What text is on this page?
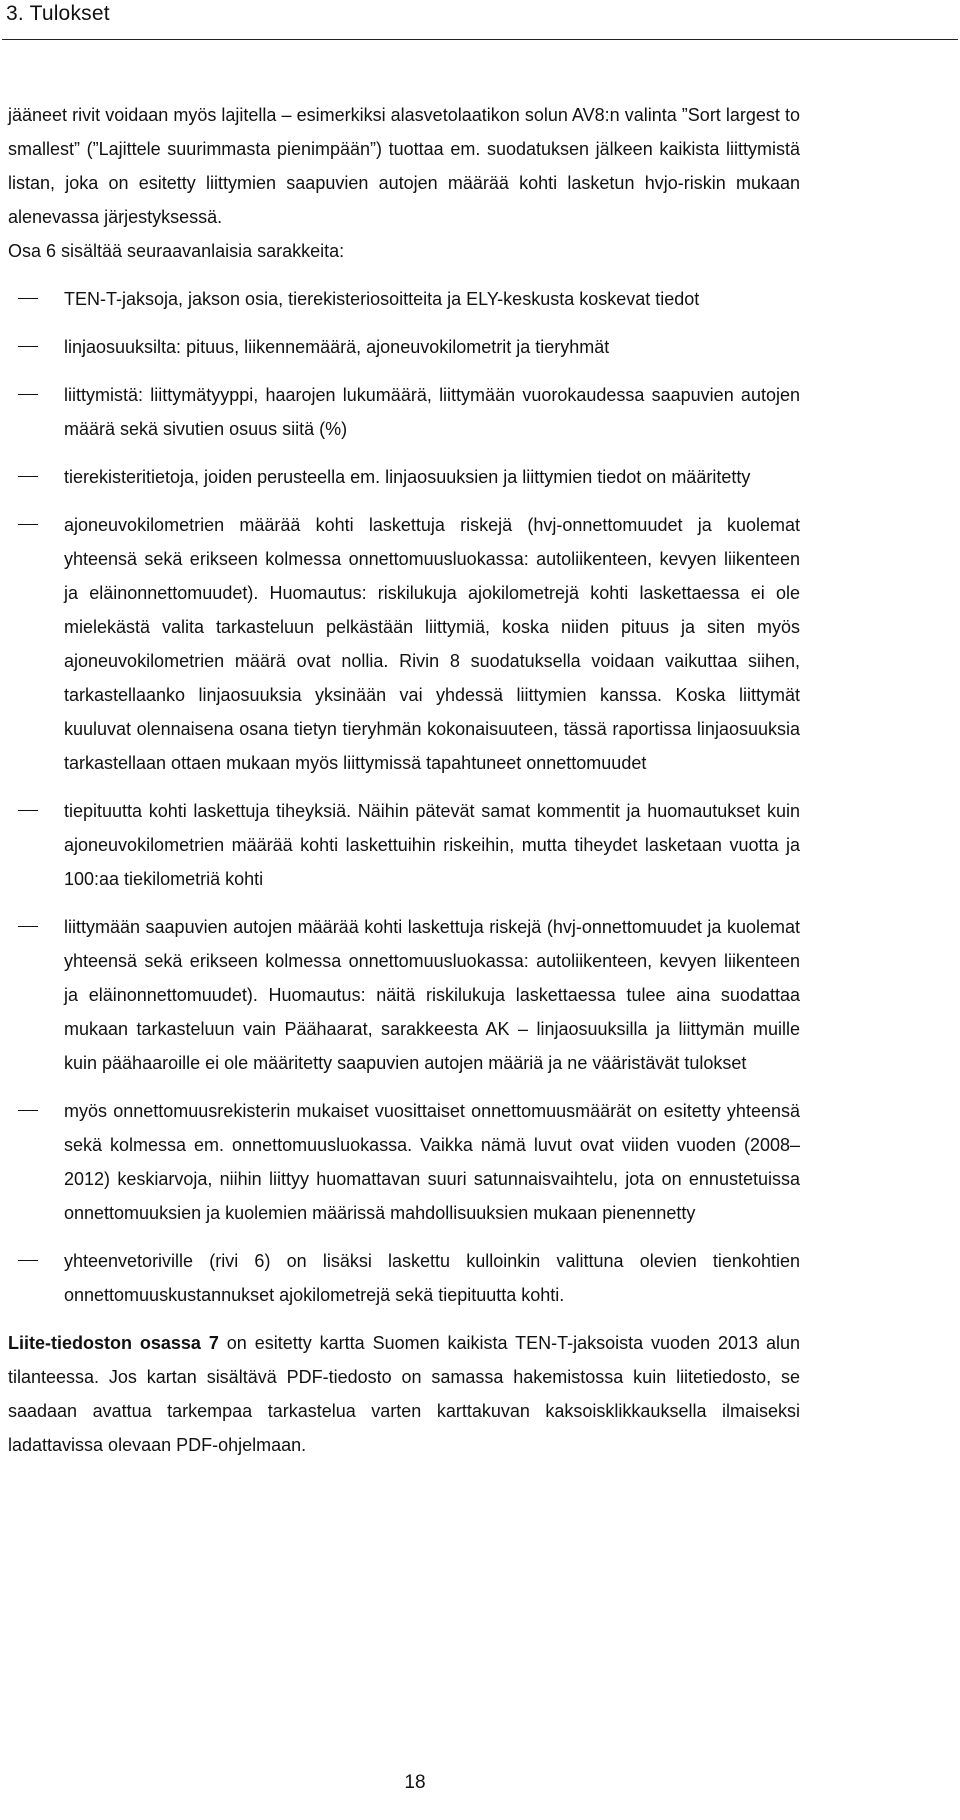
3. Tulokset

jääneet rivit voidaan myös lajitella – esimerkiksi alasvetolaatikon solun AV8:n valinta ”Sort largest to smallest” (”Lajittele suurimmasta pienimpään”) tuottaa em. suodatuksen jälkeen kaikista liittymistä listan, joka on esitetty liittymien saapuvien autojen määrää kohti lasketun hvjo-riskin mukaan alenevassa järjestyksessä.
Osa 6 sisältää seuraavanlaisia sarakkeita:

TEN-T-jaksoja, jakson osia, tierekisteriosoitteita ja ELY-keskusta koskevat tiedot
linjaosuuksilta: pituus, liikennemäärä, ajoneuvokilometrit ja tieryhmät
liittymistä: liittymätyyppi, haarojen lukumäärä, liittymään vuorokaudessa saapuvien autojen määrä sekä sivutien osuus siitä (%)
tierekisteritietoja, joiden perusteella em. linjaosuuksien ja liittymien tiedot on määritetty
ajoneuvokilometrien määrää kohti laskettuja riskejä (hvj-onnettomuudet ja kuolemat yhteensä sekä erikseen kolmessa onnettomuusluokassa: autoliikenteen, kevyen liikenteen ja eläinonnettomuudet). Huomautus: riskilukuja ajokilometrejä kohti laskettaessa ei ole mielekästä valita tarkasteluun pelkästään liittymiä, koska niiden pituus ja siten myös ajoneuvokilometrien määrä ovat nollia. Rivin 8 suodatuksella voidaan vaikuttaa siihen, tarkastellaanko linjaosuuksia yksinään vai yhdessä liittymien kanssa. Koska liittymät kuuluvat olennaisena osana tietyn tieryhmän kokonaisuuteen, tässä raportissa linjaosuuksia tarkastellaan ottaen mukaan myös liittymissä tapahtuneet onnettomuudet
tiepituutta kohti laskettuja tiheyksiä. Näihin pätevät samat kommentit ja huomautukset kuin ajoneuvokilometrien määrää kohti laskettuihin riskeihin, mutta tiheydet lasketaan vuotta ja 100:aa tiekilometriä kohti
liittymään saapuvien autojen määrää kohti laskettuja riskejä (hvj-onnettomuudet ja kuolemat yhteensä sekä erikseen kolmessa onnettomuusluokassa: autoliikenteen, kevyen liikenteen ja eläinonnettomuudet). Huomautus: näitä riskilukuja laskettaessa tulee aina suodattaa mukaan tarkasteluun vain Päähaarat, sarakkeesta AK – linjaosuuksilla ja liittymän muille kuin päähaaroille ei ole määritetty saapuvien autojen määriä ja ne vääristävät tulokset
myös onnettomuusrekisterin mukaiset vuosittaiset onnettomuusmäärät on esitetty yhteensä sekä kolmessa em. onnettomuusluokassa. Vaikka nämä luvut ovat viiden vuoden (2008–2012) keskiarvoja, niihin liittyy huomattavan suuri satunnaisvaihtelu, jota on ennustetuissa onnettomuuksien ja kuolemien määrissä mahdollisuuksien mukaan pienennetty
yhteenvetoriville (rivi 6) on lisäksi laskettu kulloinkin valittuna olevien tienkohtien onnettomuuskustannukset ajokilometrejä sekä tiepituutta kohti.

Liite-tiedoston osassa 7 on esitetty kartta Suomen kaikista TEN-T-jaksoista vuoden 2013 alun tilanteessa. Jos kartan sisältävä PDF-tiedosto on samassa hakemistossa kuin liitetiedosto, se saadaan avattua tarkempaa tarkastelua varten karttakuvan kaksoisklikkauksella ilmaiseksi ladattavissa olevaan PDF-ohjelmaan.

18
